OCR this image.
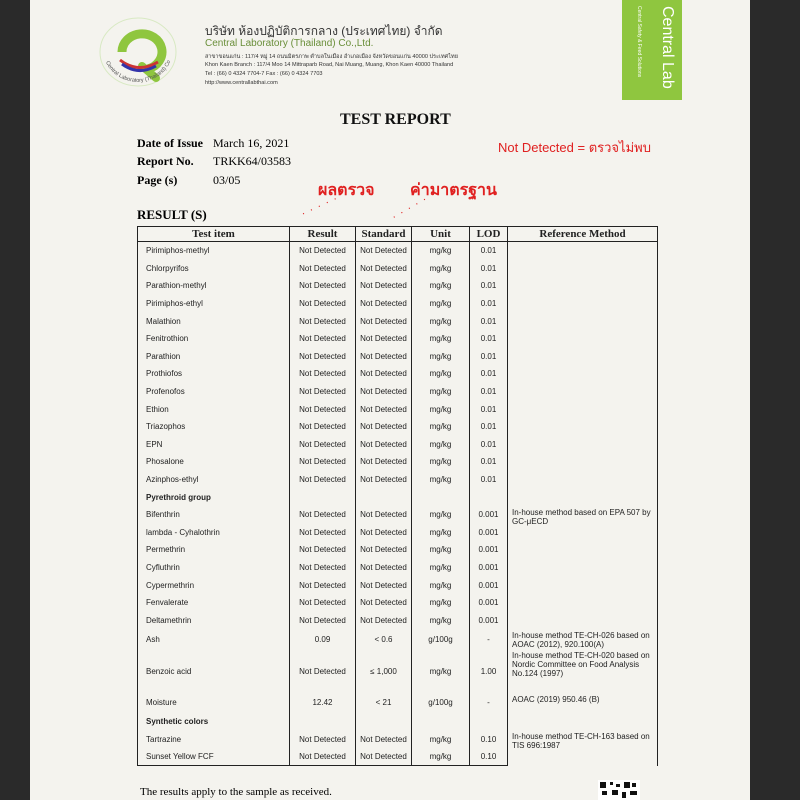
Central Lab
Central Safety & Feed Solutions
Central Laboratory (Thailand) Co
บริษัท ห้องปฏิบัติการกลาง (ประเทศไทย) จำกัด
Central Laboratory (Thailand) Co.,Ltd.
สาขาขอนแก่น : 117/4 หมู่ 14 ถนนมิตรภาพ ตำบลในเมือง อำเภอเมือง จังหวัดขอนแก่น 40000 ประเทศไทย
Khon Kaen Branch : 117/4 Moo 14 Mittraparb Road, Nai Muang, Muang, Khon Kaen 40000 Thailand
Tel : (66) 0 4324 7704-7 Fax : (66) 0 4324 7703
http://www.centrallabthai.com
TEST REPORT
Date of Issue March 16, 2021
Report No. TRKK64/03583
Page (s)	03/05
Not Detected = ตรวจไม่พบ
ผลตรวจ ค่ามาตรฐาน
· · · · ·	· · · · ·
RESULT (S)
Test item	Result	Standard	Unit	LOD	Reference Method
Pirimiphos-methyl	Not Detected	Not Detected	mg/kg	0.01	
Chlorpyrifos	Not Detected	Not Detected	mg/kg	0.01	
Parathion-methyl	Not Detected	Not Detected	mg/kg	0.01	
Pirimiphos-ethyl	Not Detected	Not Detected	mg/kg	0.01	
Malathion	Not Detected	Not Detected	mg/kg	0.01	
Fenitrothion	Not Detected	Not Detected	mg/kg	0.01	
Parathion	Not Detected	Not Detected	mg/kg	0.01	
Prothiofos	Not Detected	Not Detected	mg/kg	0.01	
Profenofos	Not Detected	Not Detected	mg/kg	0.01	
Ethion	Not Detected	Not Detected	mg/kg	0.01	
Triazophos	Not Detected	Not Detected	mg/kg	0.01	
EPN	Not Detected	Not Detected	mg/kg	0.01	
Phosalone	Not Detected	Not Detected	mg/kg	0.01	
Azinphos-ethyl	Not Detected	Not Detected	mg/kg	0.01	
Pyrethroid group					
Bifenthrin	Not Detected	Not Detected	mg/kg	0.001	In-house method based on EPA 507 by GC-μECD
lambda - Cyhalothrin	Not Detected	Not Detected	mg/kg	0.001	
Permethrin	Not Detected	Not Detected	mg/kg	0.001	
Cyfluthrin	Not Detected	Not Detected	mg/kg	0.001	
Cypermethrin	Not Detected	Not Detected	mg/kg	0.001	
Fenvalerate	Not Detected	Not Detected	mg/kg	0.001	
Deltamethrin	Not Detected	Not Detected	mg/kg	0.001	
Ash	0.09	< 0.6	g/100g	-	In-house method TE-CH-026 based on AOAC (2012), 920.100(A)
Benzoic acid	Not Detected	≤ 1,000	mg/kg	1.00	In-house method TE-CH-020 based on Nordic Committee on Food Analysis No.124 (1997)
Moisture	12.42	< 21	g/100g	-	AOAC (2019) 950.46 (B)
Synthetic colors					
Tartrazine	Not Detected	Not Detected	mg/kg	0.10	In-house method TE-CH-163 based on TIS 696:1987
Sunset Yellow FCF	Not Detected	Not Detected	mg/kg	0.10	
The results apply to the sample as received.
